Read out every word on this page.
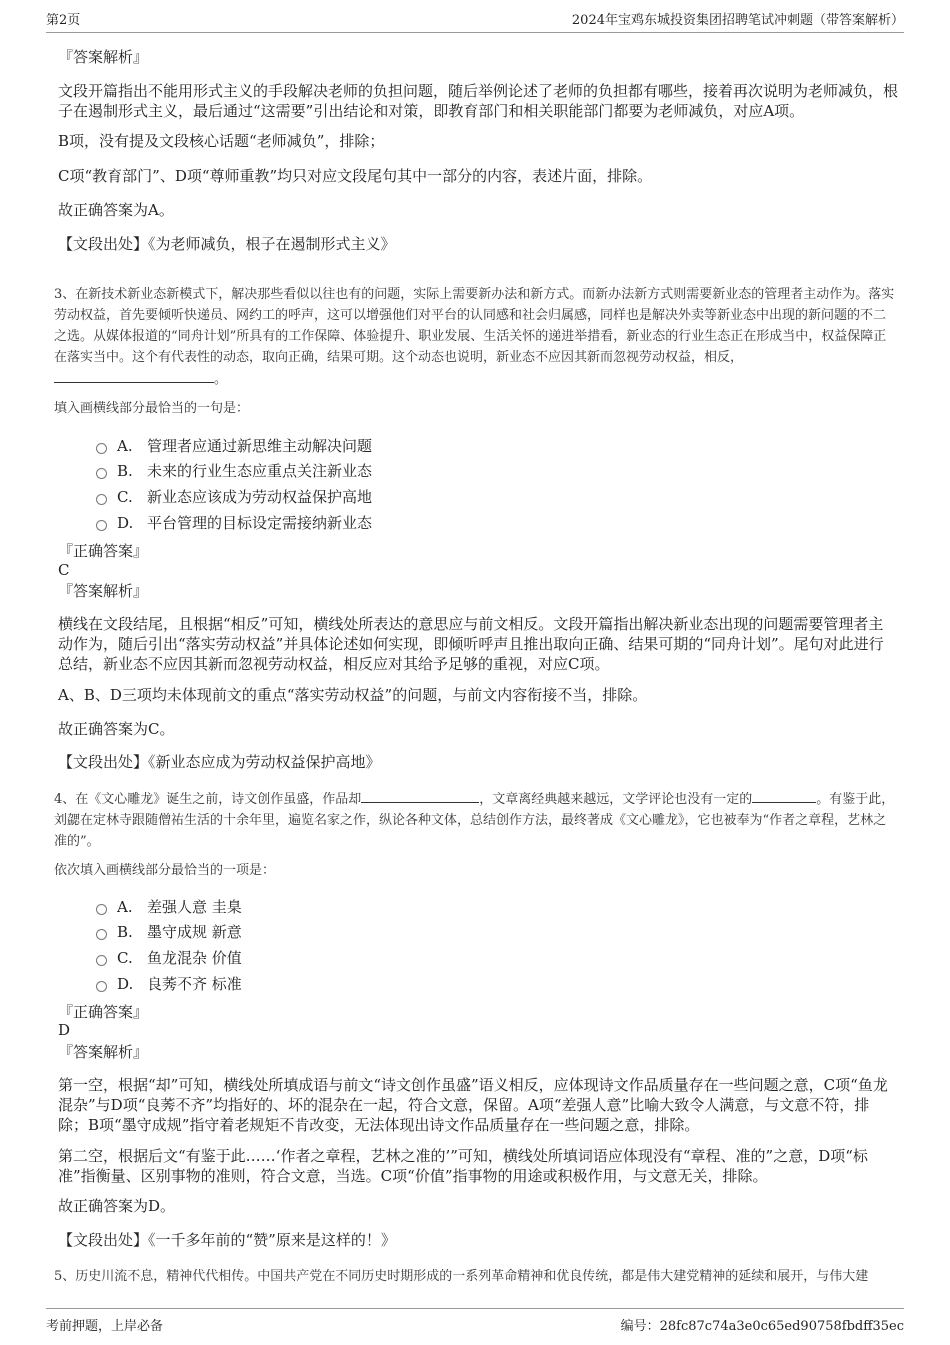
第2页	2024年宝鸡东城投资集团招聘笔试冲刺题（带答案解析）

『答案解析』

文段开篇指出不能用形式主义的手段解决老师的负担问题，随后举例论述了老师的负担都有哪些，接着再次说明为老师减负，根子在遏制形式主义，最后通过“这需要”引出结论和对策，即教育部门和相关职能部门都要为老师减负，对应A项。

B项，没有提及文段核心话题“老师减负”，排除；

C项“教育部门”、D项“尊师重教”均只对应文段尾句其中一部分的内容，表述片面，排除。

故正确答案为A。

【文段出处】《为老师减负，根子在遏制形式主义》

3、在新技术新业态新模式下，解决那些看似以往也有的问题，实际上需要新办法和新方式。而新办法新方式则需要新业态的管理者主动作为。落实劳动权益，首先要倾听快递员、网约工的呼声，这可以增强他们对平台的认同感和社会归属感，同样也是解决外卖等新业态中出现的新问题的不二之选。从媒体报道的“同舟计划”所具有的工作保障、体验提升、职业发展、生活关怀的递进举措看，新业态的行业生态正在形成当中，权益保障正在落实当中。这个有代表性的动态，取向正确，结果可期。这个动态也说明，新业态不应因其新而忽视劳动权益，相反，。

填入画横线部分最恰当的一句是：

A. 管理者应通过新思维主动解决问题
B. 未来的行业生态应重点关注新业态
C. 新业态应该成为劳动权益保护高地
D. 平台管理的目标设定需接纳新业态

『正确答案』

C

『答案解析』

横线在文段结尾，且根据“相反”可知，横线处所表达的意思应与前文相反。文段开篇指出解决新业态出现的问题需要管理者主动作为，随后引出“落实劳动权益”并具体论述如何实现，即倾听呼声且推出取向正确、结果可期的“同舟计划”。尾句对此进行总结，新业态不应因其新而忽视劳动权益，相反应对其给予足够的重视，对应C项。

A、B、D三项均未体现前文的重点“落实劳动权益”的问题，与前文内容衔接不当，排除。

故正确答案为C。

【文段出处】《新业态应成为劳动权益保护高地》

4、在《文心雕龙》诞生之前，诗文创作虽盛，作品却	，文章离经典越来越远，文学评论也没有一定的	。有鉴于此，刘勰在定林寺跟随僧祐生活的十余年里，遍览名家之作，纵论各种文体，总结创作方法，最终著成《文心雕龙》，它也被奉为“作者之章程，艺林之准的”。

依次填入画横线部分最恰当的一项是：

A. 差强人意 圭臬
B. 墨守成规 新意
C. 鱼龙混杂 价值
D. 良莠不齐 标准

『正确答案』

D

『答案解析』

第一空，根据“却”可知，横线处所填成语与前文“诗文创作虽盛”语义相反，应体现诗文作品质量存在一些问题之意，C项“鱼龙混杂”与D项“良莠不齐”均指好的、坏的混杂在一起，符合文意，保留。A项“差强人意”比喻大致令人满意，与文意不符，排除；B项“墨守成规”指守着老规矩不肯改变，无法体现出诗文作品质量存在一些问题之意，排除。

第二空，根据后文“有鉴于此……‘作者之章程，艺林之准的’”可知，横线处所填词语应体现没有“章程、准的”之意，D项“标准”指衡量、区别事物的准则，符合文意，当选。C项“价值”指事物的用途或积极作用，与文意无关，排除。

故正确答案为D。

【文段出处】《一千多年前的“赞”原来是这样的！》

5、历史川流不息，精神代代相传。中国共产党在不同历史时期形成的一系列革命精神和优良传统，都是伟大建党精神的延续和展开，与伟大建

考前押题，上岸必备	编号：28fc87c74a3e0c65ed90758fbdff35ec
